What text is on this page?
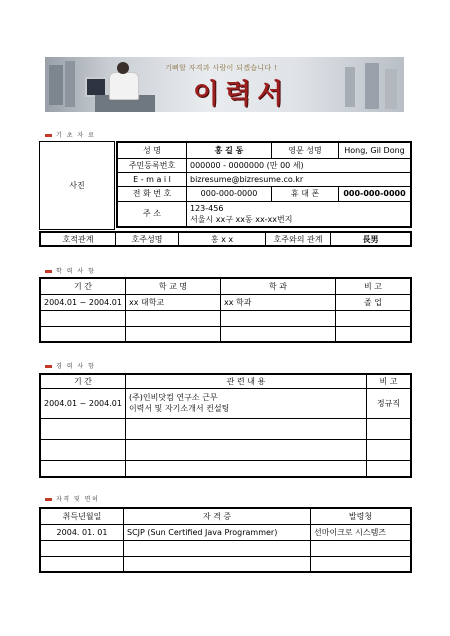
기뻐할 자격과 사람이 되겠습니다 !
이력서
기 초 자 료
사진
성 명	홍 길 동	영문 성명	Hong, Gil Dong
주민등록번호	000000 - 0000000 (만 00 세)		
E - m a i l	bizresume@bizresume.co.kr		
전 화 번 호	000-000-0000	휴 대 폰	000-000-0000
주 소	123-456
서울시 xx구 xx동 xx-xx번지		
호적관계	호주성명	홍 x x	호주와의 관계	長男
학 력 사 항
기 간	학 교 명	학 과	비 고
2004.01 ~ 2004.01	xx 대학교	xx 학과	졸 업

경 력 사 항
기 간	관 련 내 용	비 고
2004.01 ~ 2004.01	(주)인비닷컴 연구소 근무
이력서 및 자기소개서 컨설팅	정규직

자격 및 면허
취득년월일	자 격 증	발령청
2004. 01. 01	SCJP (Sun Certified Java Programmer)	선마이크로 시스템즈
